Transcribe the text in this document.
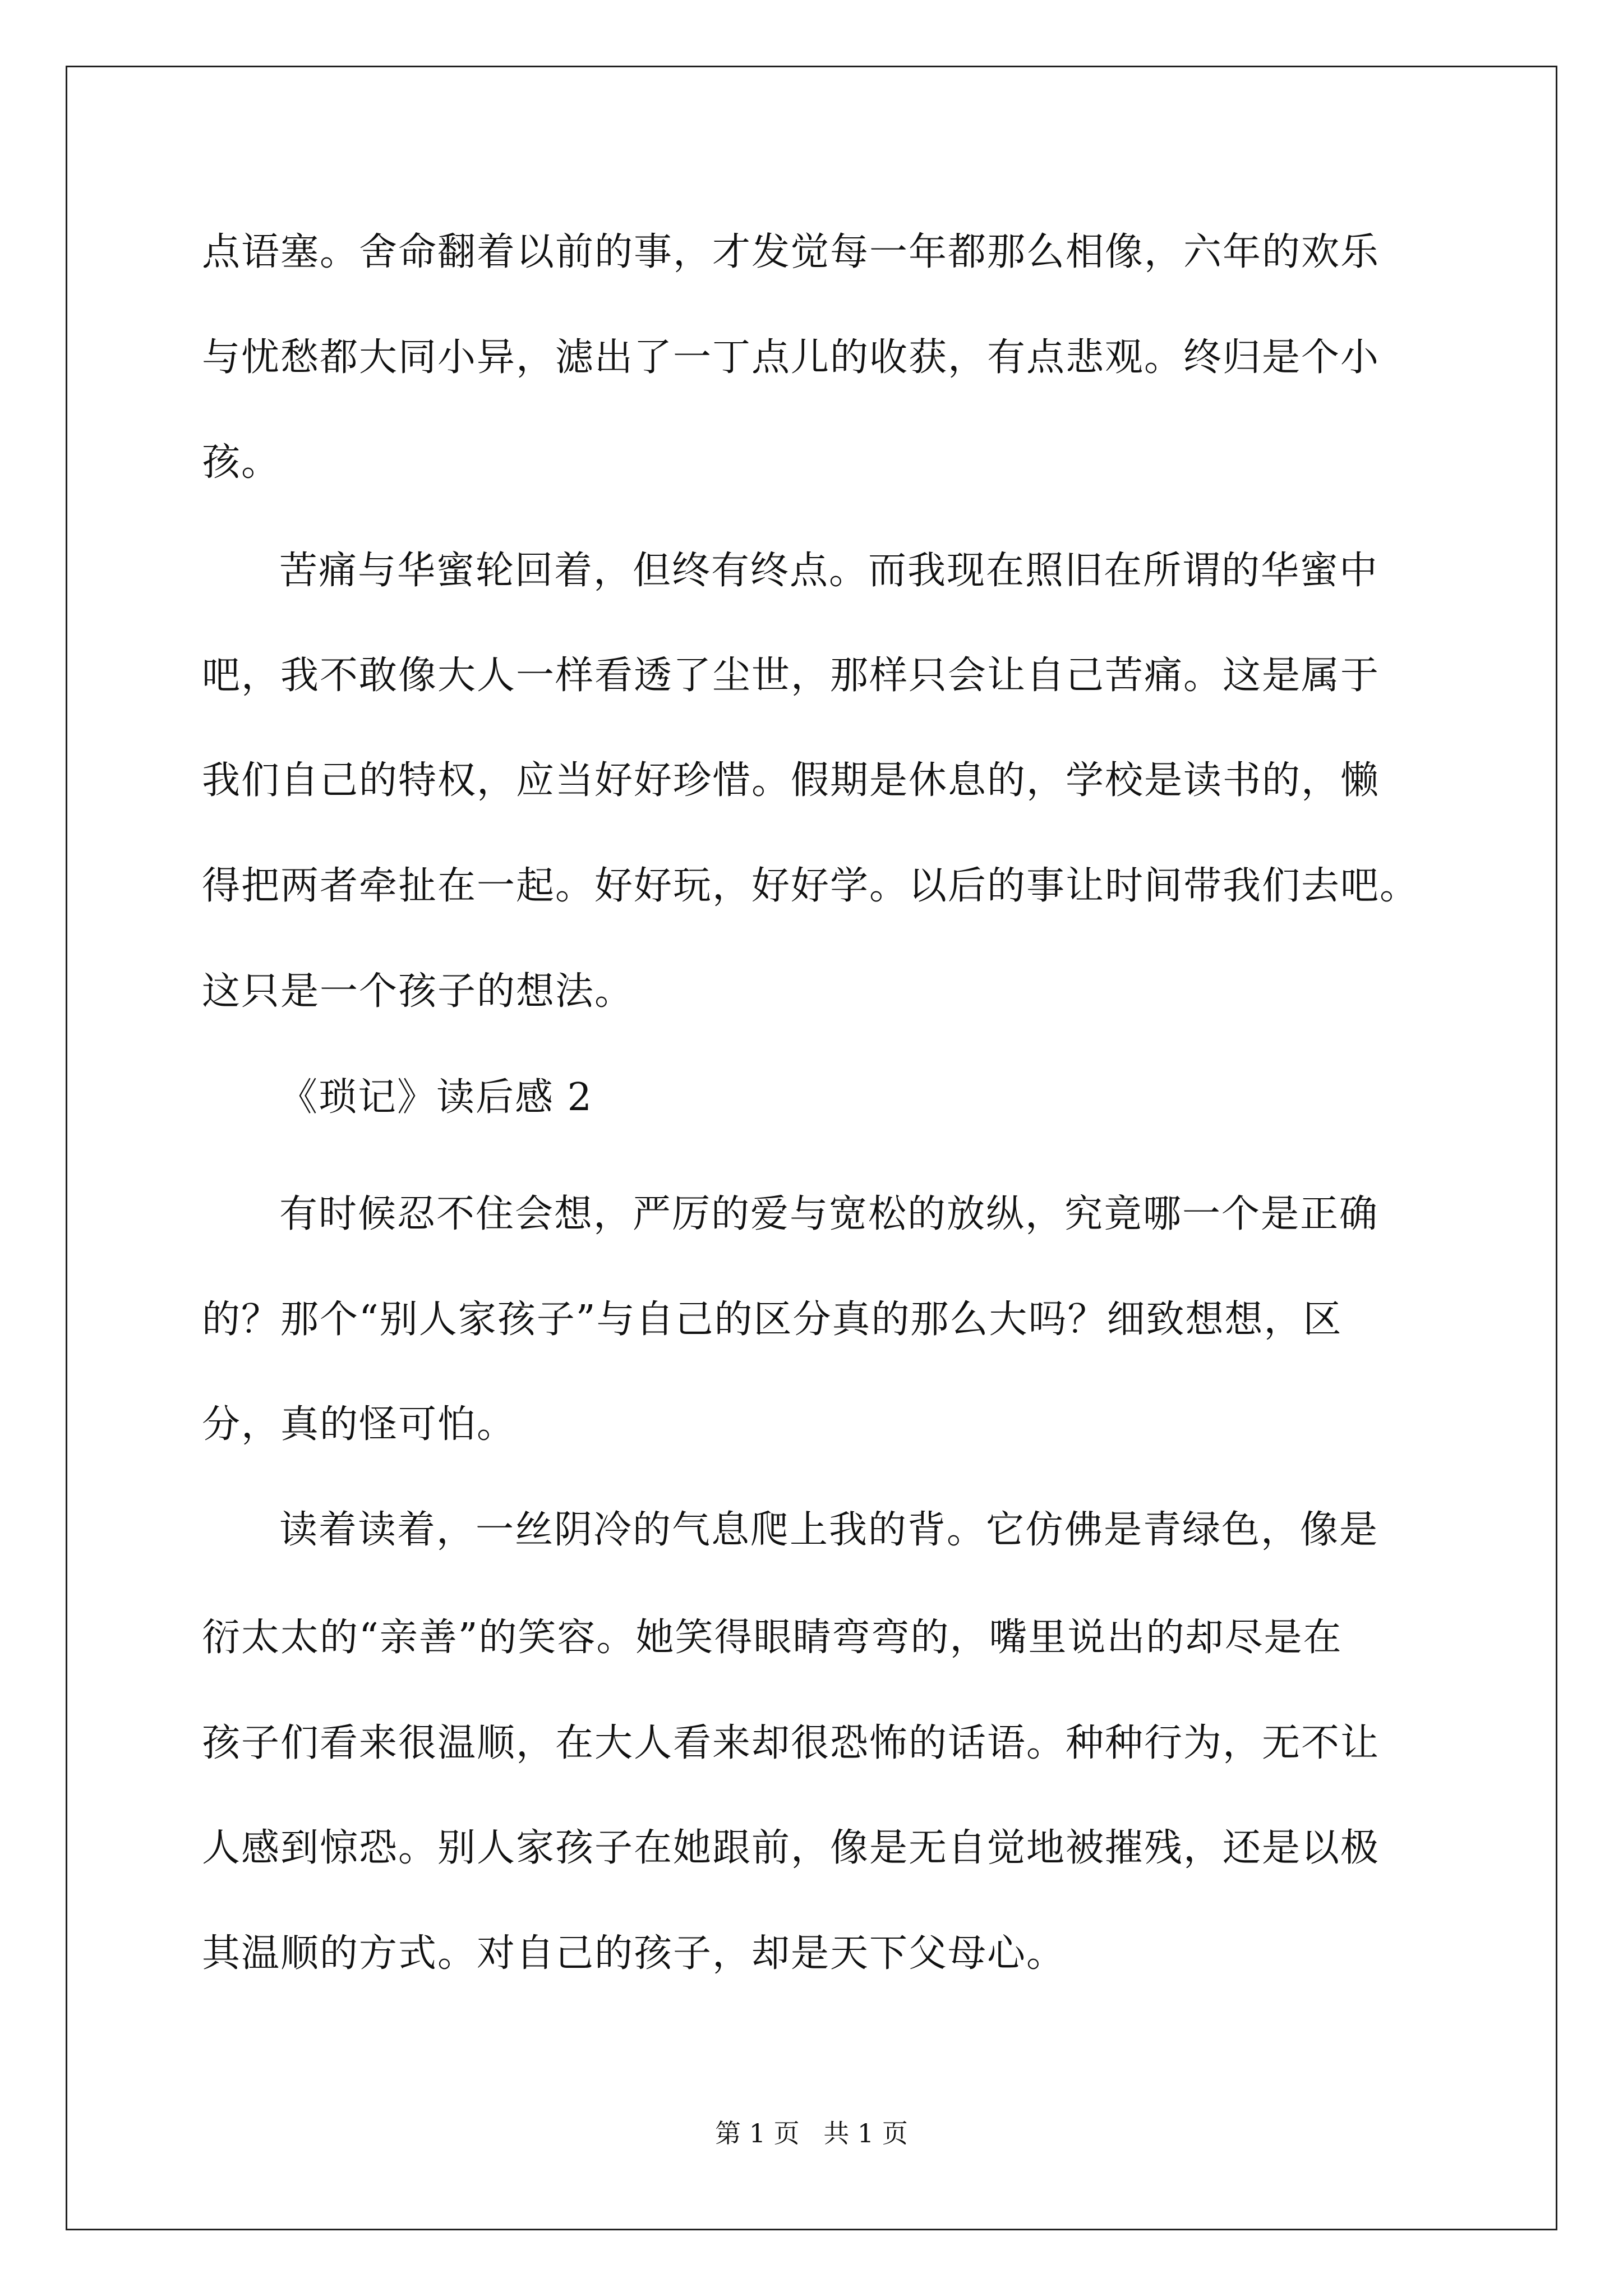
点语塞。舍命翻着以前的事，才发觉每一年都那么相像，六年的欢乐
与忧愁都大同小异，滤出了一丁点儿的收获，有点悲观。终归是个小
孩。
苦痛与华蜜轮回着，但终有终点。而我现在照旧在所谓的华蜜中
吧，我不敢像大人一样看透了尘世，那样只会让自己苦痛。这是属于
我们自己的特权，应当好好珍惜。假期是休息的，学校是读书的，懒
得把两者牵扯在一起。好好玩，好好学。以后的事让时间带我们去吧。
这只是一个孩子的想法。
《琐记》读后感 2
有时候忍不住会想，严厉的爱与宽松的放纵，究竟哪一个是正确
的？那个“别人家孩子”与自己的区分真的那么大吗？细致想想，区
分，真的怪可怕。
读着读着，一丝阴冷的气息爬上我的背。它仿佛是青绿色，像是
衍太太的“亲善”的笑容。她笑得眼睛弯弯的，嘴里说出的却尽是在
孩子们看来很温顺，在大人看来却很恐怖的话语。种种行为，无不让
人感到惊恐。别人家孩子在她跟前，像是无自觉地被摧残，还是以极
其温顺的方式。对自己的孩子，却是天下父母心。
第 1 页 共 1 页
